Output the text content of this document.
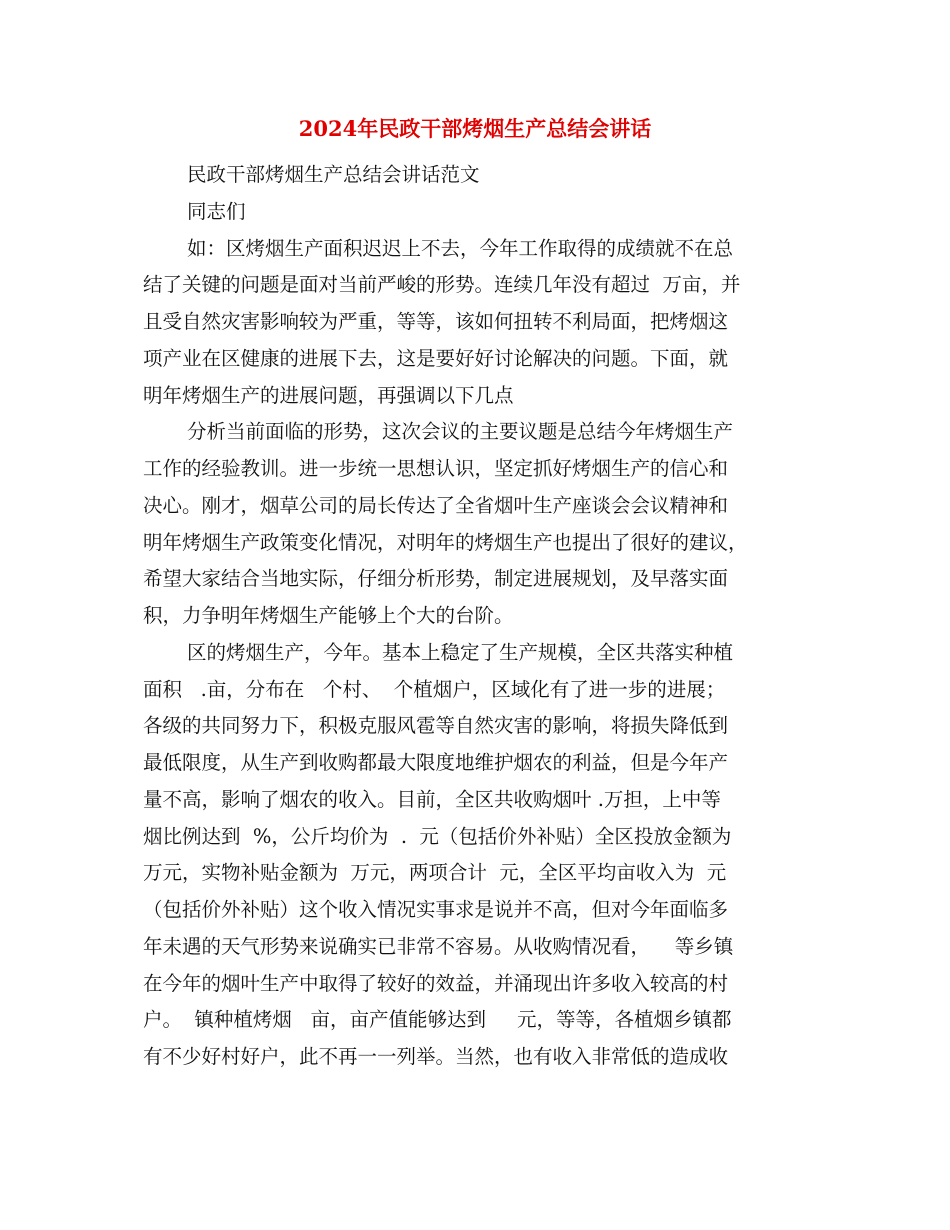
2024年民政干部烤烟生产总结会讲话
民政干部烤烟生产总结会讲话范文
同志们
如：区烤烟生产面积迟迟上不去，今年工作取得的成绩就不在总
结了关键的问题是面对当前严峻的形势。连续几年没有超过  万亩，并
且受自然灾害影响较为严重，等等，该如何扭转不利局面，把烤烟这
项产业在区健康的进展下去，这是要好好讨论解决的问题。下面，就
明年烤烟生产的进展问题，再强调以下几点
分析当前面临的形势，这次会议的主要议题是总结今年烤烟生产
工作的经验教训。进一步统一思想认识，坚定抓好烤烟生产的信心和
决心。刚才，烟草公司的局长传达了全省烟叶生产座谈会会议精神和
明年烤烟生产政策变化情况，对明年的烤烟生产也提出了很好的建议，
希望大家结合当地实际，仔细分析形势，制定进展规划，及早落实面
积，力争明年烤烟生产能够上个大的台阶。
区的烤烟生产，今年。基本上稳定了生产规模，全区共落实种植
面积   .亩，分布在   个村、  个植烟户，区域化有了进一步的进展；
各级的共同努力下，积极克服风雹等自然灾害的影响，将损失降低到
最低限度，从生产到收购都最大限度地维护烟农的利益，但是今年产
量不高，影响了烟农的收入。目前，全区共收购烟叶 .万担，上中等
烟比例达到  %，公斤均价为  .  元（包括价外补贴）全区投放金额为
万元，实物补贴金额为  万元，两项合计  元，全区平均亩收入为  元
（包括价外补贴）这个收入情况实事求是说并不高，但对今年面临多
年未遇的天气形势来说确实已非常不容易。从收购情况看，    等乡镇
在今年的烟叶生产中取得了较好的效益，并涌现出许多收入较高的村
户。  镇种植烤烟   亩，亩产值能够达到     元，等等，各植烟乡镇都
有不少好村好户，此不再一一列举。当然，也有收入非常低的造成收
